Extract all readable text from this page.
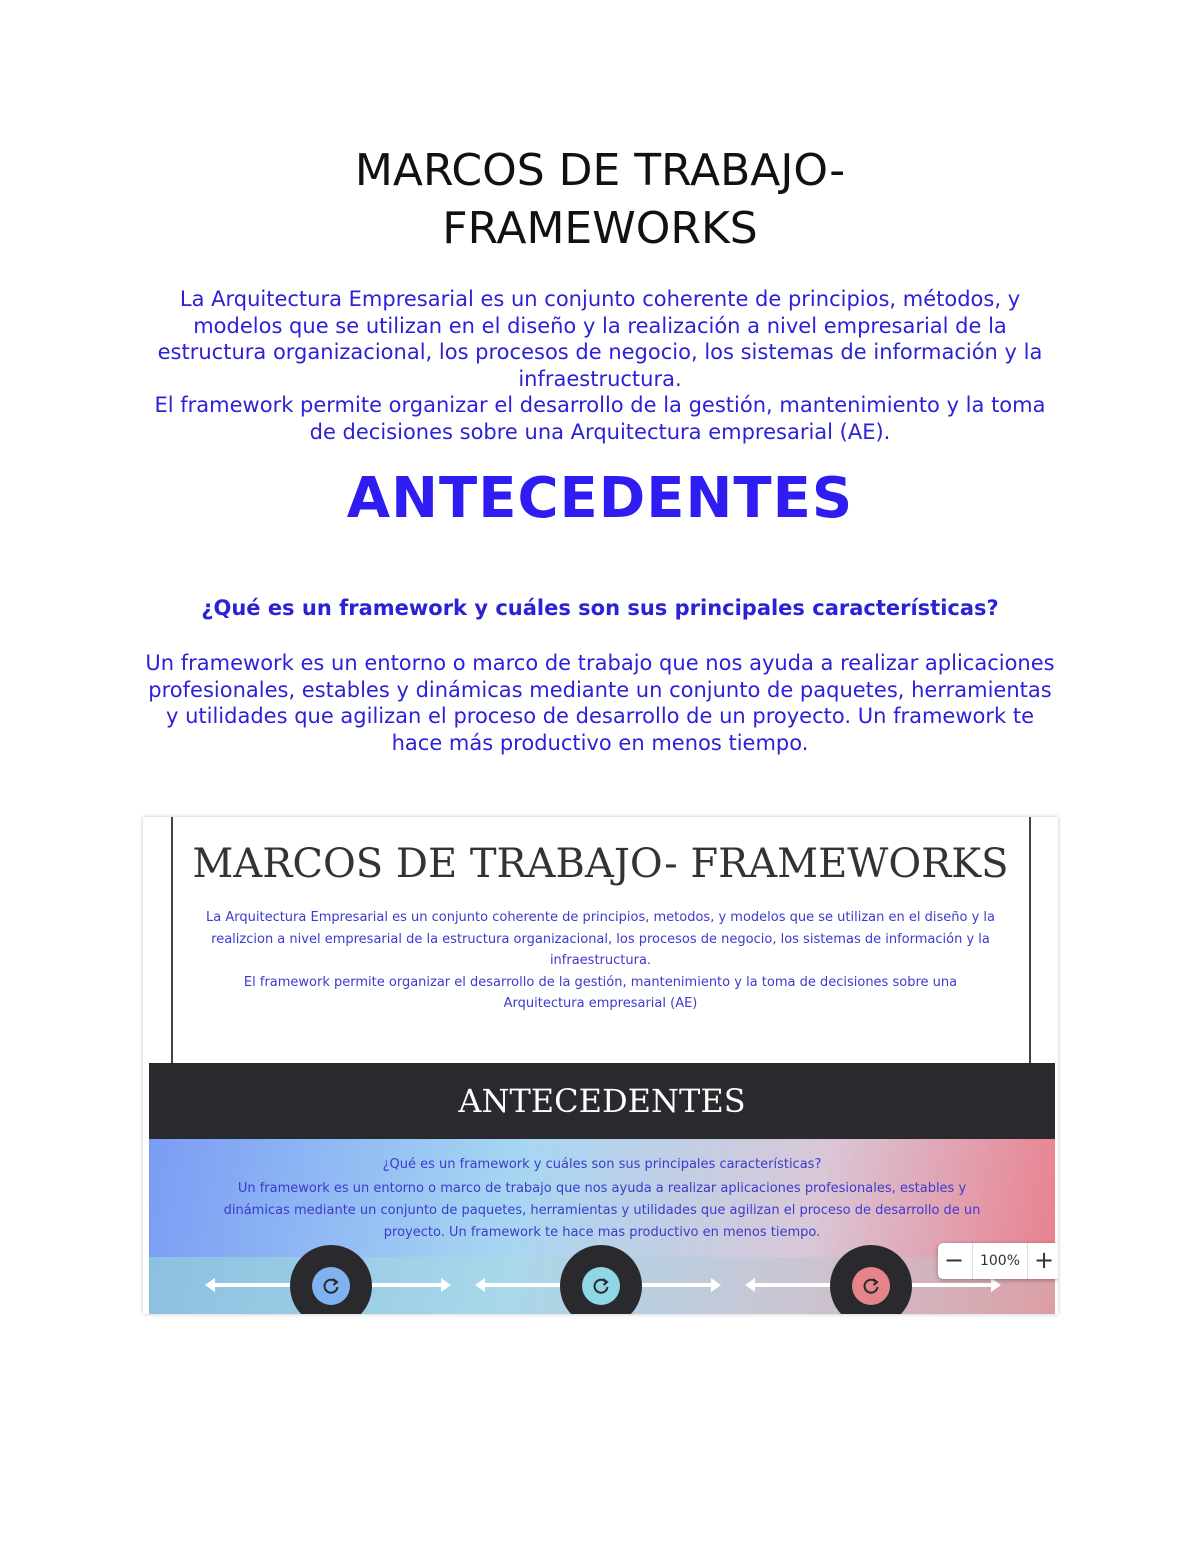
MARCOS DE TRABAJO-
FRAMEWORKS

La Arquitectura Empresarial es un conjunto coherente de principios, métodos, y modelos que se utilizan en el diseño y la realización a nivel empresarial de la estructura organizacional, los procesos de negocio, los sistemas de información y la infraestructura.

El framework permite organizar el desarrollo de la gestión, mantenimiento y la toma de decisiones sobre una Arquitectura empresarial (AE).

ANTECEDENTES

¿Qué es un framework y cuáles son sus principales características?

Un framework es un entorno o marco de trabajo que nos ayuda a realizar aplicaciones profesionales, estables y dinámicas mediante un conjunto de paquetes, herramientas y utilidades que agilizan el proceso de desarrollo de un proyecto. Un framework te hace más productivo en menos tiempo.

MARCOS DE TRABAJO- FRAMEWORKS

La Arquitectura Empresarial es un conjunto coherente de principios, metodos, y modelos que se utilizan en el diseño y la realizcion a nivel empresarial de la estructura organizacional, los procesos de negocio, los sistemas de información y la infraestructura.

El framework permite organizar el desarrollo de la gestión, mantenimiento y la toma de decisiones sobre una Arquitectura empresarial (AE)

ANTECEDENTES

¿Qué es un framework y cuáles son sus principales características?

Un framework es un entorno o marco de trabajo que nos ayuda a realizar aplicaciones profesionales, estables y dinámicas mediante un conjunto de paquetes, herramientas y utilidades que agilizan el proceso de desarrollo de un proyecto. Un framework te hace mas productivo en menos tiempo.

−	100% +
